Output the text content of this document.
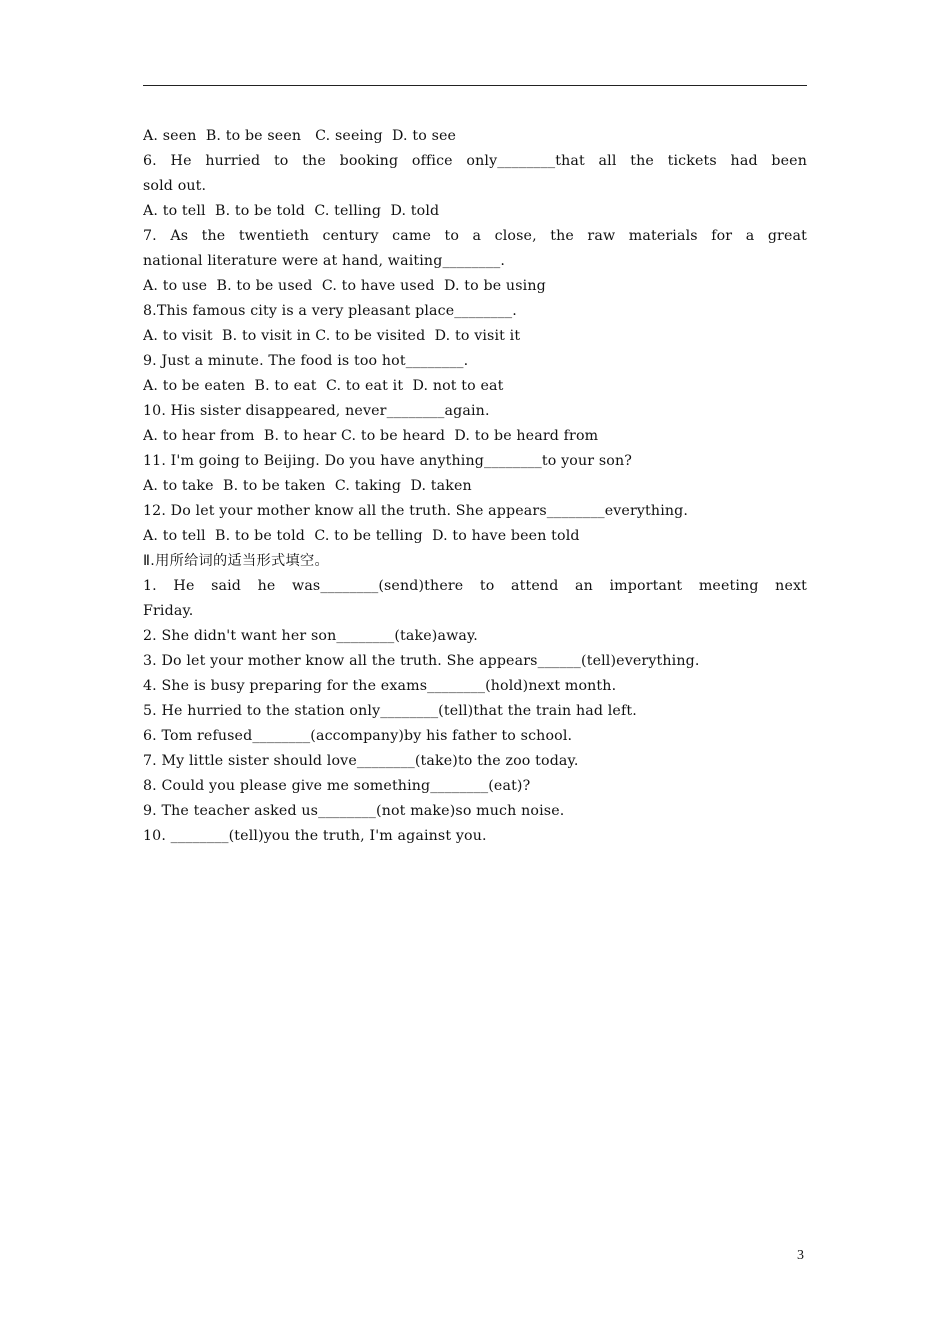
A. seen  B. to be seen   C. seeing  D. to see
6. He hurried to the booking office only________that all the tickets had been
sold out.
A. to tell  B. to be told  C. telling  D. told
7. As the twentieth century came to a close, the raw materials for a great
national literature were at hand, waiting________.
A. to use  B. to be used  C. to have used  D. to be using
8.This famous city is a very pleasant place________.
A. to visit  B. to visit in C. to be visited  D. to visit it
9. Just a minute. The food is too hot________.
A. to be eaten  B. to eat  C. to eat it  D. not to eat
10. His sister disappeared, never________again.
A. to hear from  B. to hear C. to be heard  D. to be heard from
11. I'm going to Beijing. Do you have anything________to your son?
A. to take  B. to be taken  C. taking  D. taken
12. Do let your mother know all the truth. She appears________everything.
A. to tell  B. to be told  C. to be telling  D. to have been told
Ⅱ.用所给词的适当形式填空。
1. He said he was________(send)there to attend an important meeting next
Friday.
2. She didn't want her son________(take)away.
3. Do let your mother know all the truth. She appears______(tell)everything.
4. She is busy preparing for the exams________(hold)next month.
5. He hurried to the station only________(tell)that the train had left.
6. Tom refused________(accompany)by his father to school.
7. My little sister should love________(take)to the zoo today.
8. Could you please give me something________(eat)?
9. The teacher asked us________(not make)so much noise.
10. ________(tell)you the truth, I'm against you.
3
